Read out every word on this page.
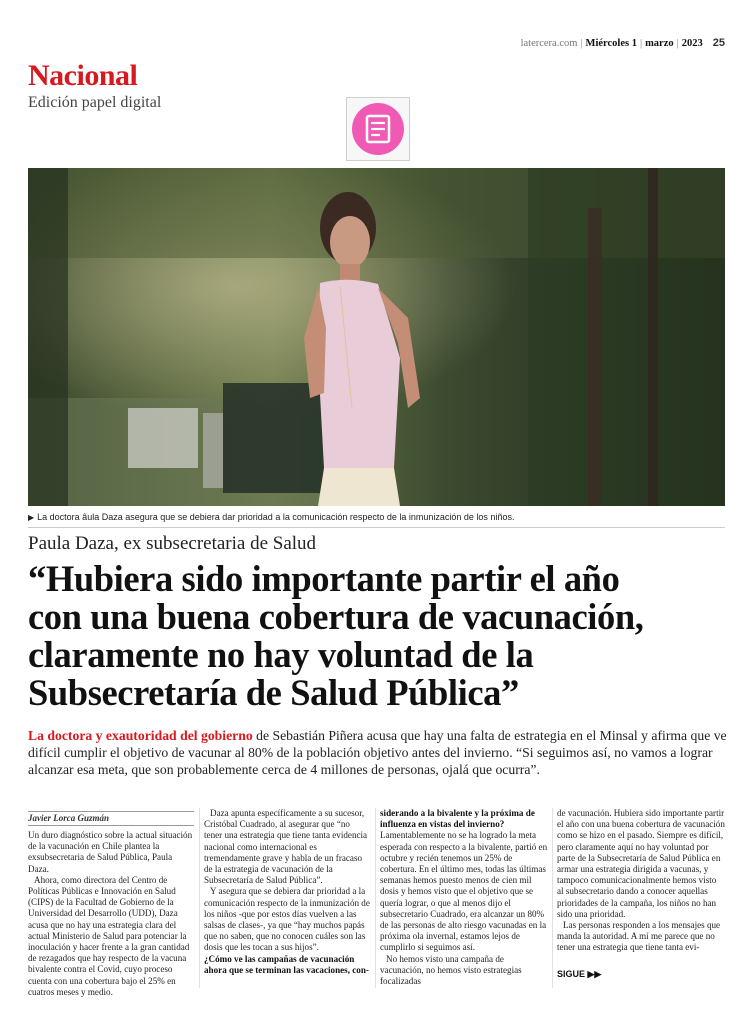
latercera.com | Miércoles 1 | marzo | 2023 25
Nacional
Edición papel digital
▶ La doctora âula Daza asegura que se debiera dar prioridad a la comunicación respecto de la inmunización de los niños.
Paula Daza, ex subsecretaria de Salud
“Hubiera sido importante partir el año
con una buena cobertura de vacunación,
claramente no hay voluntad de la
Subsecretaría de Salud Pública”
La doctora y exautoridad del gobierno de Sebastián Piñera acusa que hay una falta de estrategia en el Minsal y afirma que ve difícil cumplir el objetivo de vacunar al 80% de la población objetivo antes del invierno. “Si seguimos así, no vamos a lograr alcanzar esa meta, que son probablemente cerca de 4 millones de personas, ojalá que ocurra”.
Javier Lorca Guzmán

Un duro diagnóstico sobre la actual situación de la vacunación en Chile plantea la exsubsecretaria de Salud Pública, Paula Daza.

Ahora, como directora del Centro de Políticas Públicas e Innovación en Salud (CIPS) de la Facultad de Gobierno de la Universidad del Desarrollo (UDD), Daza acusa que no hay una estrategia clara del actual Ministerio de Salud para potenciar la inoculación y hacer frente a la gran cantidad de rezagados que hay respecto de la vacuna bivalente contra el Covid, cuyo proceso cuenta con una cobertura bajo el 25% en cuatros meses y medio.

Daza apunta específicamente a su sucesor, Cristóbal Cuadrado, al asegurar que “no tener una estrategia que tiene tanta evidencia nacional como internacional es tremendamente grave y habla de un fracaso de la estrategia de vacunación de la Subsecretaría de Salud Pública”.

Y asegura que se debiera dar prioridad a la comunicación respecto de la inmunización de los niños -que por estos días vuelven a las salsas de clases-, ya que “hay muchos papás que no saben, que no conocen cuáles son las dosis que les tocan a sus hijos”.

¿Cómo ve las campañas de vacunación ahora que se terminan las vacaciones, con-

siderando a la bivalente y la próxima de influenza en vistas del invierno?

Lamentablemente no se ha logrado la meta esperada con respecto a la bivalente, partió en octubre y recién tenemos un 25% de cobertura. En el último mes, todas las últimas semanas hemos puesto menos de cien mil dosis y hemos visto que el objetivo que se quería lograr, o que al menos dijo el subsecretario Cuadrado, era alcanzar un 80% de las personas de alto riesgo vacunadas en la próxima ola invernal, estamos lejos de cumplirlo si seguimos así.

No hemos visto una campaña de vacunación, no hemos visto estrategias focalizadas

de vacunación. Hubiera sido importante partir el año con una buena cobertura de vacunación como se hizo en el pasado. Siempre es difícil, pero claramente aquí no hay voluntad por parte de la Subsecretaría de Salud Pública en armar una estrategia dirigida a vacunas, y tampoco comunicacionalmente hemos visto al subsecretario dando a conocer aquellas prioridades de la campaña, los niños no han sido una prioridad.

Las personas responden a los mensajes que manda la autoridad. A mí me parece que no tener una estrategia que tiene tanta evi-

SIGUE ▶▶
